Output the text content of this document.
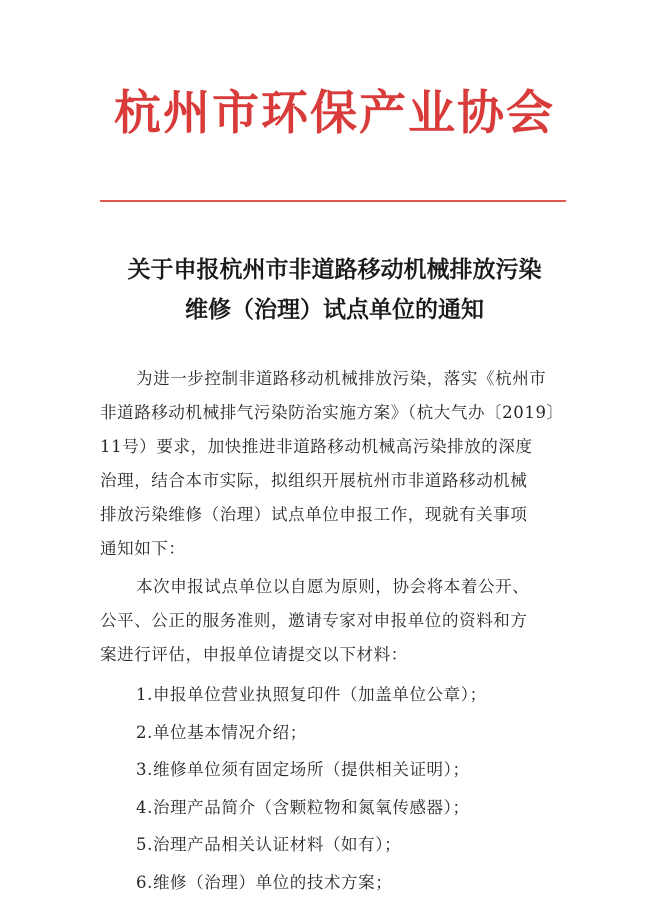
杭州市环保产业协会
关于申报杭州市非道路移动机械排放污染
维修（治理）试点单位的通知
为进一步控制非道路移动机械排放污染，落实《杭州市
非道路移动机械排气污染防治实施方案》（杭大气办〔2019〕
11号）要求，加快推进非道路移动机械高污染排放的深度
治理，结合本市实际，拟组织开展杭州市非道路移动机械
排放污染维修（治理）试点单位申报工作，现就有关事项
通知如下：
本次申报试点单位以自愿为原则，协会将本着公开、
公平、公正的服务准则，邀请专家对申报单位的资料和方
案进行评估，申报单位请提交以下材料：
1.申报单位营业执照复印件（加盖单位公章）；
2.单位基本情况介绍；
3.维修单位须有固定场所（提供相关证明）；
4.治理产品简介（含颗粒物和氮氧传感器）；
5.治理产品相关认证材料（如有）；
6.维修（治理）单位的技术方案；
